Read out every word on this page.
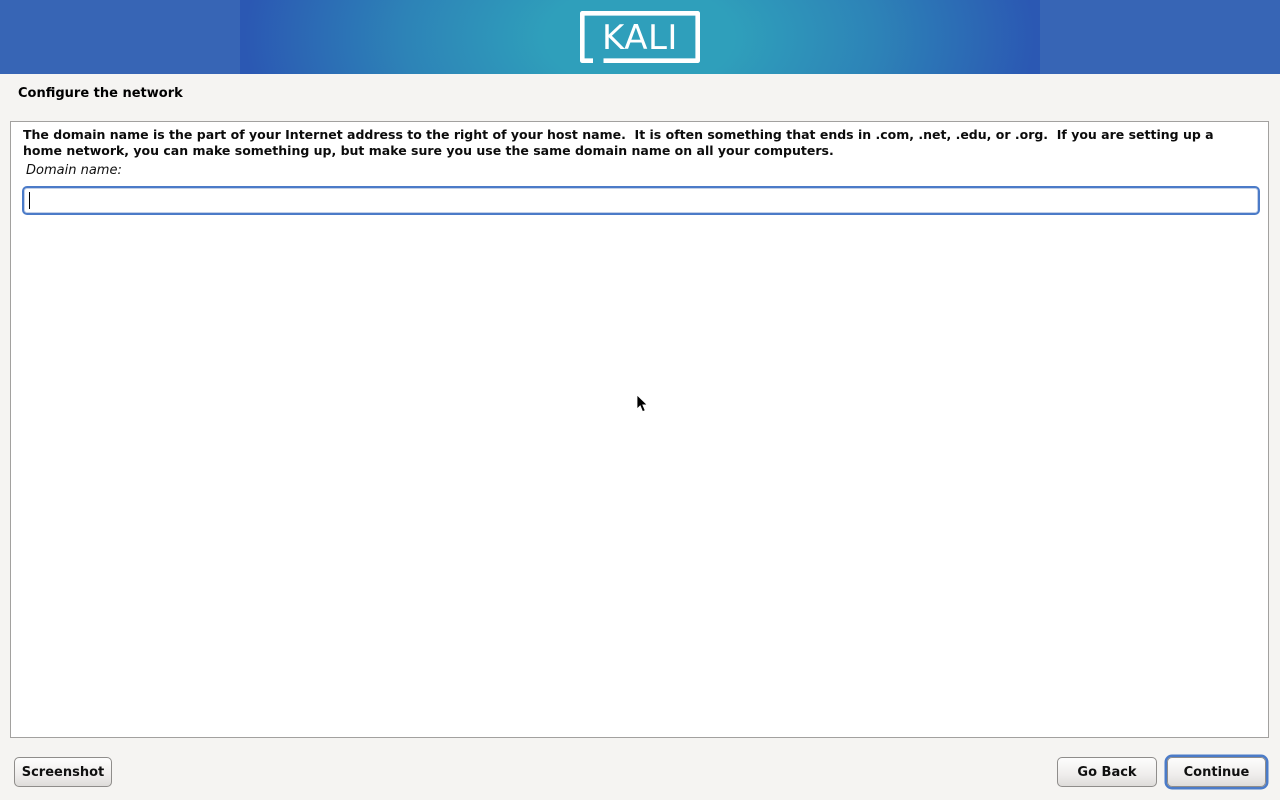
KALI
Configure the network
The domain name is the part of your Internet address to the right of your host name.  It is often something that ends in .com, .net, .edu, or .org.  If you are setting up a home network, you can make something up, but make sure you use the same domain name on all your computers.
Domain name:
Screenshot	Go Back	Continue
